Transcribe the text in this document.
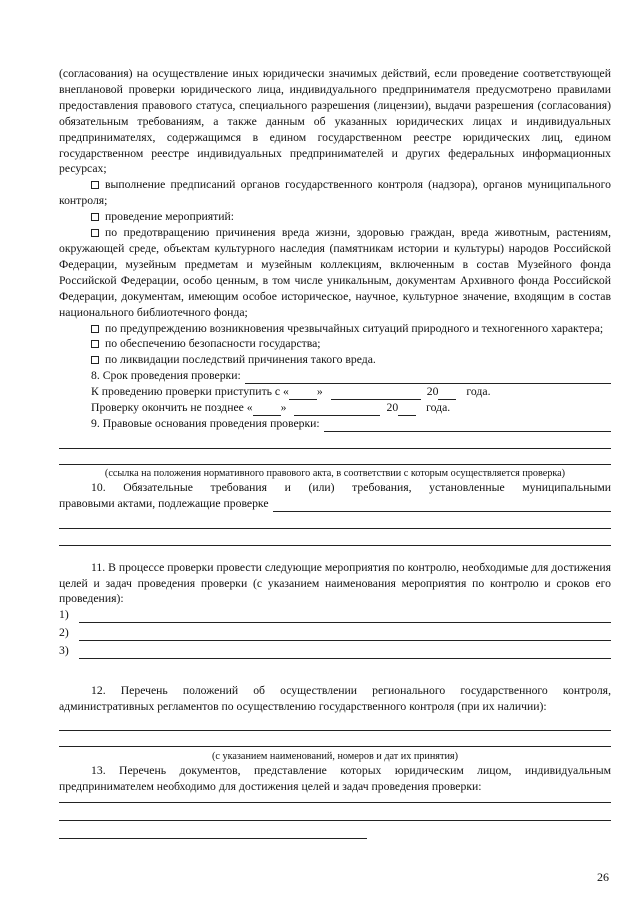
(согласования) на осуществление иных юридически значимых действий, если проведение соответствующей внеплановой проверки юридического лица, индивидуального предпринимателя предусмотрено правилами предоставления правового статуса, специального разрешения (лицензии), выдачи разрешения (согласования) обязательным требованиям, а также данным об указанных юридических лицах и индивидуальных предпринимателях, содержащимся в едином государственном реестре юридических лиц, едином государственном реестре индивидуальных предпринимателей и других федеральных информационных ресурсах;
выполнение предписаний органов государственного контроля (надзора), органов муниципального контроля;
проведение мероприятий:
по предотвращению причинения вреда жизни, здоровью граждан, вреда животным, растениям, окружающей среде, объектам культурного наследия (памятникам истории и культуры) народов Российской Федерации, музейным предметам и музейным коллекциям, включенным в состав Музейного фонда Российской Федерации, особо ценным, в том числе уникальным, документам Архивного фонда Российской Федерации, документам, имеющим особое историческое, научное, культурное значение, входящим в состав национального библиотечного фонда;
по предупреждению возникновения чрезвычайных ситуаций природного и техногенного характера;
по обеспечению безопасности государства;
по ликвидации последствий причинения такого вреда.
8. Срок проведения проверки:
К проведению проверки приступить с « »	20 года.
Проверку окончить не позднее « »	20 года.
9. Правовые основания проведения проверки:
(ссылка на положения нормативного правового акта, в соответствии с которым осуществляется проверка)
10. Обязательные требования и (или) требования, установленные муниципальными
правовыми актами, подлежащие проверке
11. В процессе проверки провести следующие мероприятия по контролю, необходимые для достижения целей и задач проведения проверки (с указанием наименования мероприятия по контролю и сроков его проведения):
1)
2)
3)
12. Перечень положений об осуществлении регионального государственного контроля, административных регламентов по осуществлению государственного контроля (при их наличии):
(с указанием наименований, номеров и дат их принятия)
13. Перечень документов, представление которых юридическим лицом, индивидуальным предпринимателем необходимо для достижения целей и задач проведения проверки:
26
